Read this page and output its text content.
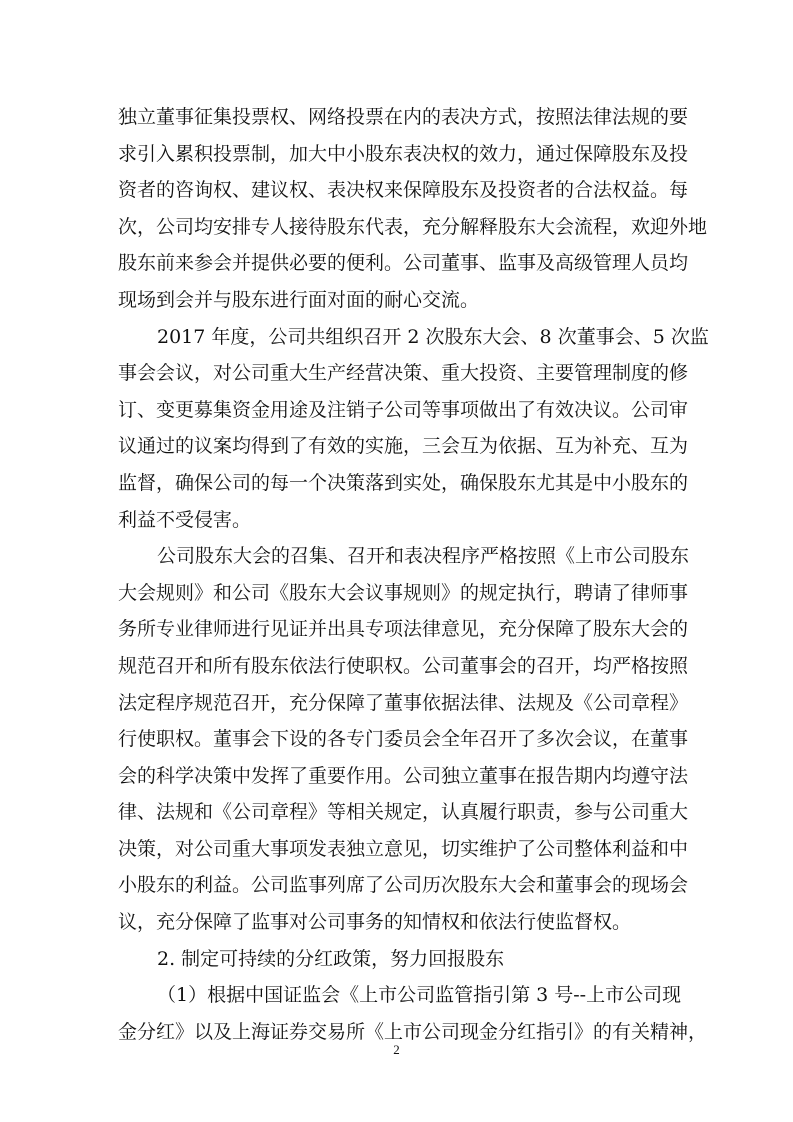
独立董事征集投票权、网络投票在内的表决方式，按照法律法规的要
求引入累积投票制，加大中小股东表决权的效力，通过保障股东及投
资者的咨询权、建议权、表决权来保障股东及投资者的合法权益。每
次，公司均安排专人接待股东代表，充分解释股东大会流程，欢迎外地
股东前来参会并提供必要的便利。公司董事、监事及高级管理人员均
现场到会并与股东进行面对面的耐心交流。
2017 年度，公司共组织召开 2 次股东大会、8 次董事会、5 次监
事会会议，对公司重大生产经营决策、重大投资、主要管理制度的修
订、变更募集资金用途及注销子公司等事项做出了有效决议。公司审
议通过的议案均得到了有效的实施，三会互为依据、互为补充、互为
监督，确保公司的每一个决策落到实处，确保股东尤其是中小股东的
利益不受侵害。
公司股东大会的召集、召开和表决程序严格按照《上市公司股东
大会规则》和公司《股东大会议事规则》的规定执行，聘请了律师事
务所专业律师进行见证并出具专项法律意见，充分保障了股东大会的
规范召开和所有股东依法行使职权。公司董事会的召开，均严格按照
法定程序规范召开，充分保障了董事依据法律、法规及《公司章程》
行使职权。董事会下设的各专门委员会全年召开了多次会议，在董事
会的科学决策中发挥了重要作用。公司独立董事在报告期内均遵守法
律、法规和《公司章程》等相关规定，认真履行职责，参与公司重大
决策，对公司重大事项发表独立意见，切实维护了公司整体利益和中
小股东的利益。公司监事列席了公司历次股东大会和董事会的现场会
议，充分保障了监事对公司事务的知情权和依法行使监督权。
2. 制定可持续的分红政策，努力回报股东
（1）根据中国证监会《上市公司监管指引第 3 号--上市公司现
金分红》以及上海证券交易所《上市公司现金分红指引》的有关精神，
2
